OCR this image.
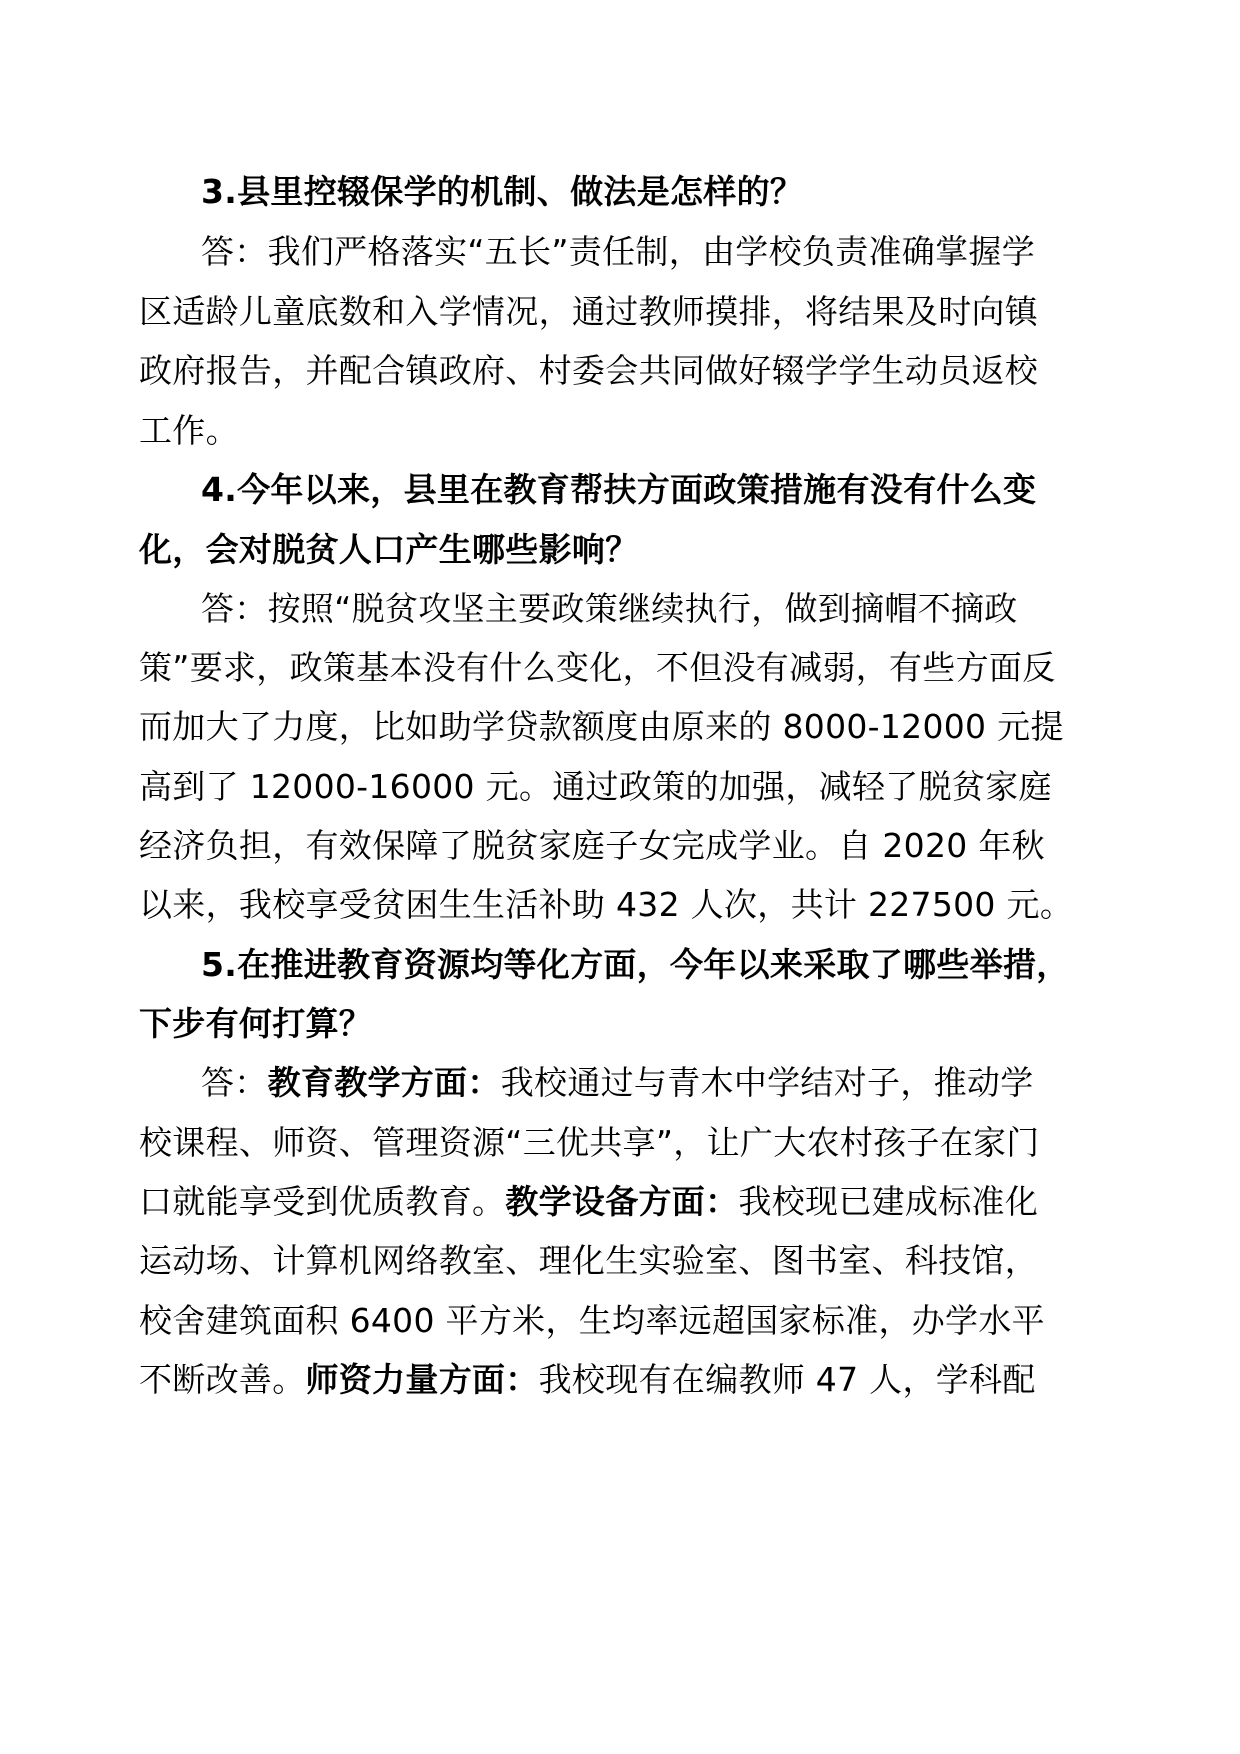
3.县里控辍保学的机制、做法是怎样的？
答：我们严格落实“五长”责任制，由学校负责准确掌握学
区适龄儿童底数和入学情况，通过教师摸排，将结果及时向镇
政府报告，并配合镇政府、村委会共同做好辍学学生动员返校
工作。
4.今年以来，县里在教育帮扶方面政策措施有没有什么变
化，会对脱贫人口产生哪些影响？
答：按照“脱贫攻坚主要政策继续执行，做到摘帽不摘政
策”要求，政策基本没有什么变化，不但没有减弱，有些方面反
而加大了力度，比如助学贷款额度由原来的 8000-12000 元提
高到了 12000-16000 元。通过政策的加强，减轻了脱贫家庭
经济负担，有效保障了脱贫家庭子女完成学业。自 2020 年秋
以来，我校享受贫困生生活补助 432 人次，共计 227500 元。
5.在推进教育资源均等化方面，今年以来采取了哪些举措，
下步有何打算？
答：教育教学方面：我校通过与青木中学结对子，推动学
校课程、师资、管理资源“三优共享”，让广大农村孩子在家门
口就能享受到优质教育。教学设备方面：我校现已建成标准化
运动场、计算机网络教室、理化生实验室、图书室、科技馆，
校舍建筑面积 6400 平方米，生均率远超国家标准，办学水平
不断改善。师资力量方面：我校现有在编教师 47 人，学科配
